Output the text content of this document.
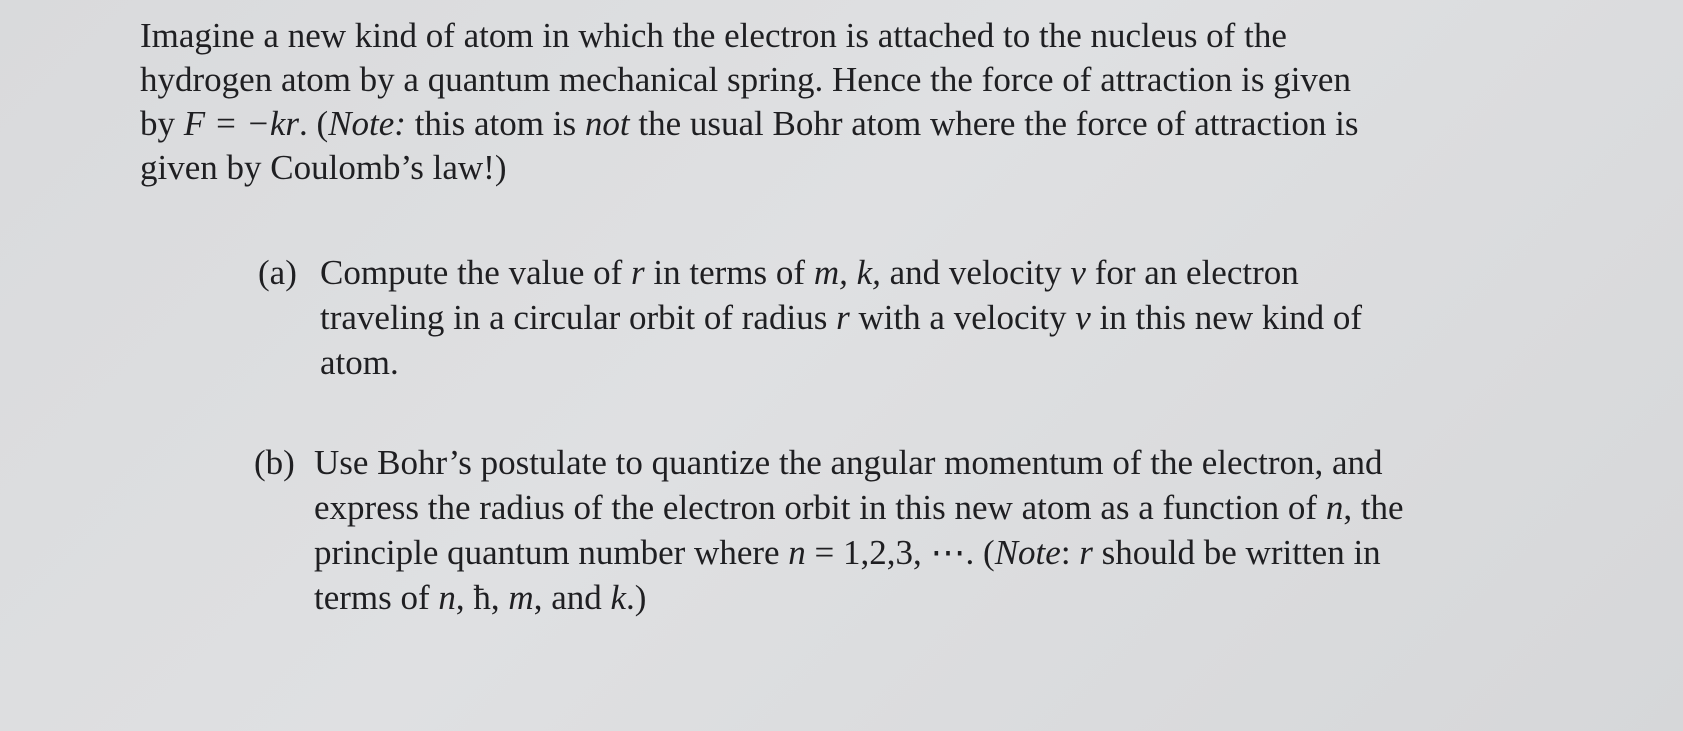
Imagine a new kind of atom in which the electron is attached to the nucleus of the
hydrogen atom by a quantum mechanical spring. Hence the force of attraction is given
by F = −kr. (Note: this atom is not the usual Bohr atom where the force of attraction is
given by Coulomb’s law!)
(a) Compute the value of r in terms of m, k, and velocity v for an electron
traveling in a circular orbit of radius r with a velocity v in this new kind of
atom.
(b) Use Bohr’s postulate to quantize the angular momentum of the electron, and
express the radius of the electron orbit in this new atom as a function of n, the
principle quantum number where n = 1,2,3, ⋯. (Note: r should be written in
terms of n, ħ, m, and k.)
